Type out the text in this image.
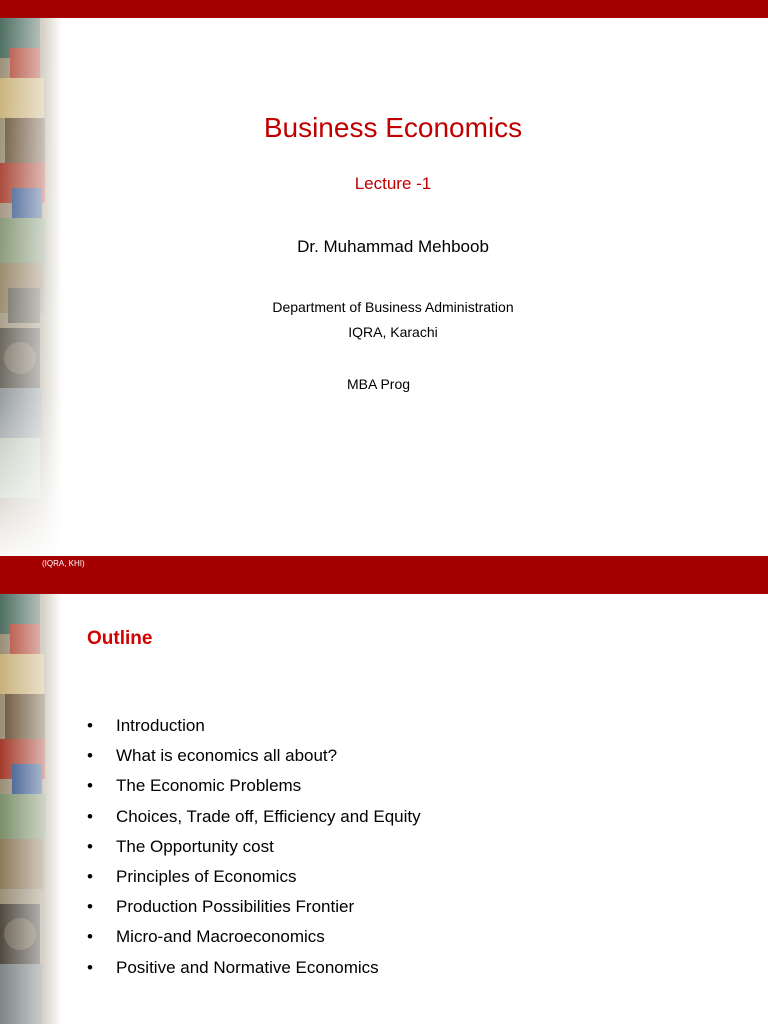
Business Economics
Lecture -1
Dr. Muhammad Mehboob
Department of Business Administration
IQRA, Karachi
MBA Prog
(IQRA, KHI)
Outline
• Introduction
• What is economics all about?
• The Economic Problems
• Choices, Trade off, Efficiency and Equity
• The Opportunity cost
• Principles of Economics
• Production Possibilities Frontier
• Micro-and Macroeconomics
• Positive and Normative Economics
